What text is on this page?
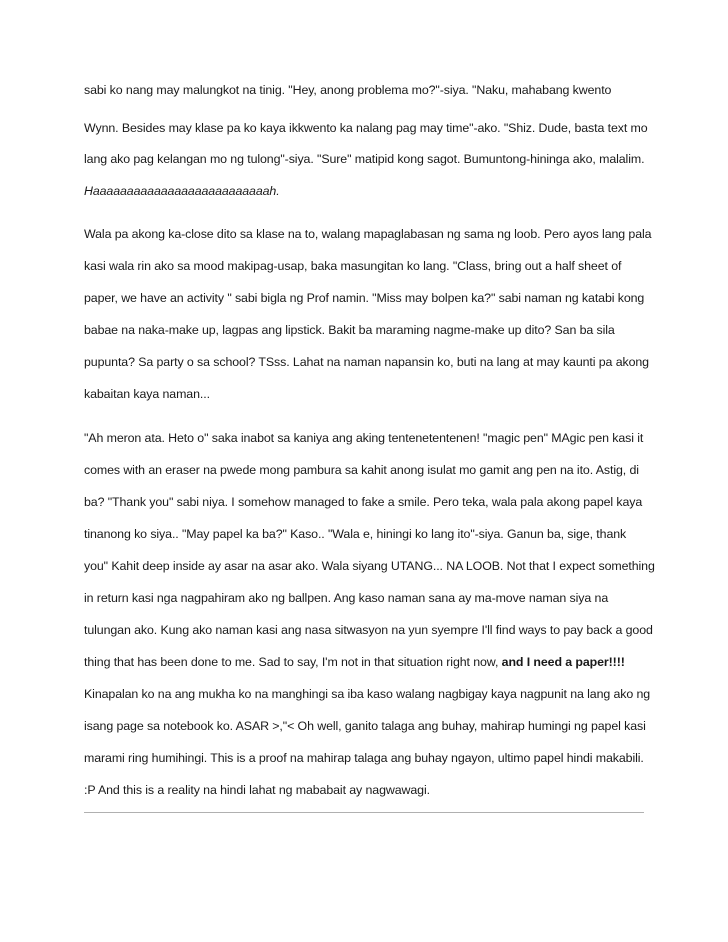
sabi ko nang may malungkot na tinig. "Hey, anong problema mo?"-siya. "Naku, mahabang kwento
Wynn. Besides may klase pa ko kaya ikkwento ka nalang pag may time"-ako. "Shiz. Dude, basta text mo
lang ako pag kelangan mo ng tulong"-siya. "Sure" matipid kong sagot. Bumuntong-hininga ako, malalim.
Haaaaaaaaaaaaaaaaaaaaaaaaaah.
Wala pa akong ka-close dito sa klase na to, walang mapaglabasan ng sama ng loob. Pero ayos lang pala
kasi wala rin ako sa mood makipag-usap, baka masungitan ko lang. "Class, bring out a half sheet of
paper, we have an activity " sabi bigla ng Prof namin. "Miss may bolpen ka?" sabi naman ng katabi kong
babae na naka-make up, lagpas ang lipstick. Bakit ba maraming nagme-make up dito? San ba sila
pupunta? Sa party o sa school? TSss. Lahat na naman napansin ko, buti na lang at may kaunti pa akong
kabaitan kaya naman...
"Ah meron ata. Heto o" saka inabot sa kaniya ang aking tentenetentenen! "magic pen" MAgic pen kasi it
comes with an eraser na pwede mong pambura sa kahit anong isulat mo gamit ang pen na ito. Astig, di
ba? "Thank you" sabi niya. I somehow managed to fake a smile. Pero teka, wala pala akong papel kaya
tinanong ko siya.. "May papel ka ba?" Kaso.. "Wala e, hiningi ko lang ito"-siya. Ganun ba, sige, thank
you" Kahit deep inside ay asar na asar ako. Wala siyang UTANG... NA LOOB. Not that I expect something
in return kasi nga nagpahiram ako ng ballpen. Ang kaso naman sana ay ma-move naman siya na
tulungan ako. Kung ako naman kasi ang nasa sitwasyon na yun syempre I'll find ways to pay back a good
thing that has been done to me. Sad to say, I'm not in that situation right now, and I need a paper!!!!
Kinapalan ko na ang mukha ko na manghingi sa iba kaso walang nagbigay kaya nagpunit na lang ako ng
isang page sa notebook ko. ASAR >,"< Oh well, ganito talaga ang buhay, mahirap humingi ng papel kasi
marami ring humihingi. This is a proof na mahirap talaga ang buhay ngayon, ultimo papel hindi makabili.
:P And this is a reality na hindi lahat ng mababait ay nagwawagi.
